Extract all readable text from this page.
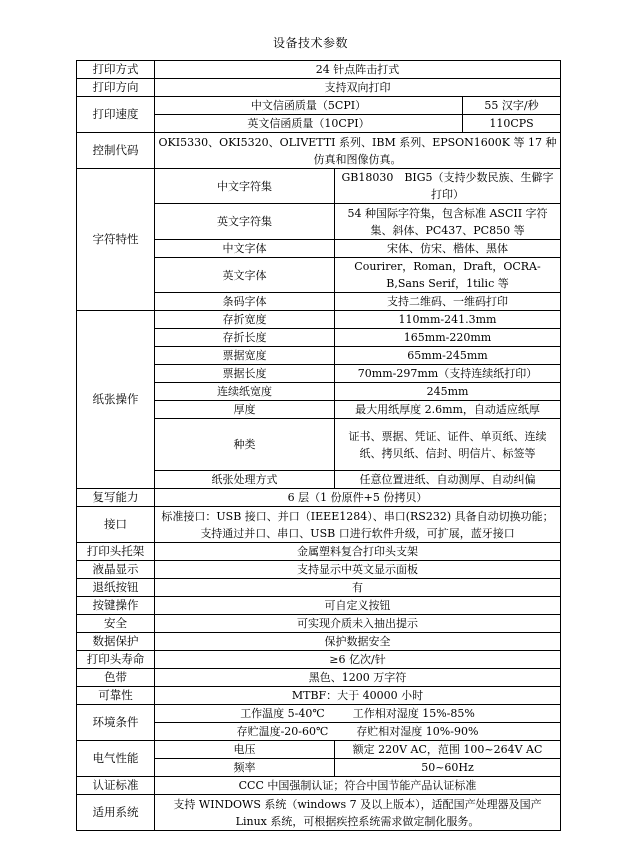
设备技术参数
打印方式	24 针点阵击打式		
打印方向	支持双向打印		
打印速度	中文信函质量（5CPI）		55 汉字/秒
	英文信函质量（10CPI）		110CPS
控制代码	OKI5330、OKI5320、OLIVETTI 系列、IBM 系列、EPSON1600K 等 17 种仿真和图像仿真。		
字符特性	中文字符集	GB18030　BIG5（支持少数民族、生僻字打印）	
	英文字符集	54 种国际字符集，包含标准 ASCII 字符集、斜体、PC437、PC850 等	
	中文字体	宋体、仿宋、楷体、黑体	
	英文字体	Courirer，Roman，Draft，OCRA-B,Sans Serif，1tilic 等	
	条码字体	支持二维码、一维码打印	
纸张操作	存折宽度	110mm-241.3mm	
	存折长度	165mm-220mm	
	票据宽度	65mm-245mm	
	票据长度	70mm-297mm（支持连续纸打印）	
	连续纸宽度	245mm	
	厚度	最大用纸厚度 2.6mm，自动适应纸厚	
	种类	证书、票据、凭证、证件、单页纸、连续纸、拷贝纸、信封、明信片、标签等	
	纸张处理方式	任意位置进纸、自动测厚、自动纠偏	
复写能力	6 层（1 份原件+5 份拷贝）		
接口	标准接口：USB 接口、并口（IEEE1284）、串口(RS232) 具备自动切换功能；支持通过并口、串口、USB 口进行软件升级，可扩展，蓝牙接口		
打印头托架	金属塑料复合打印头支架		
液晶显示	支持显示中英文显示面板		
退纸按钮	有		
按键操作	可自定义按钮		
安全	可实现介质未入抽出提示		
数据保护	保护数据安全		
打印头寿命	≥6 亿次/针		
色带	黑色、1200 万字符		
可靠性	MTBF：大于 40000 小时		
环境条件	工作温度 5-40℃ 工作相对湿度 15%-85%		
	存贮温度-20-60℃ 存贮相对湿度 10%-90%		
电气性能	电压	额定 220V AC，范围 100~264V AC	
	频率	50~60Hz	
认证标准	CCC 中国强制认证；符合中国节能产品认证标准		
适用系统	支持 WINDOWS 系统（windows 7 及以上版本），适配国产处理器及国产 Linux 系统，可根据疾控系统需求做定制化服务。		
